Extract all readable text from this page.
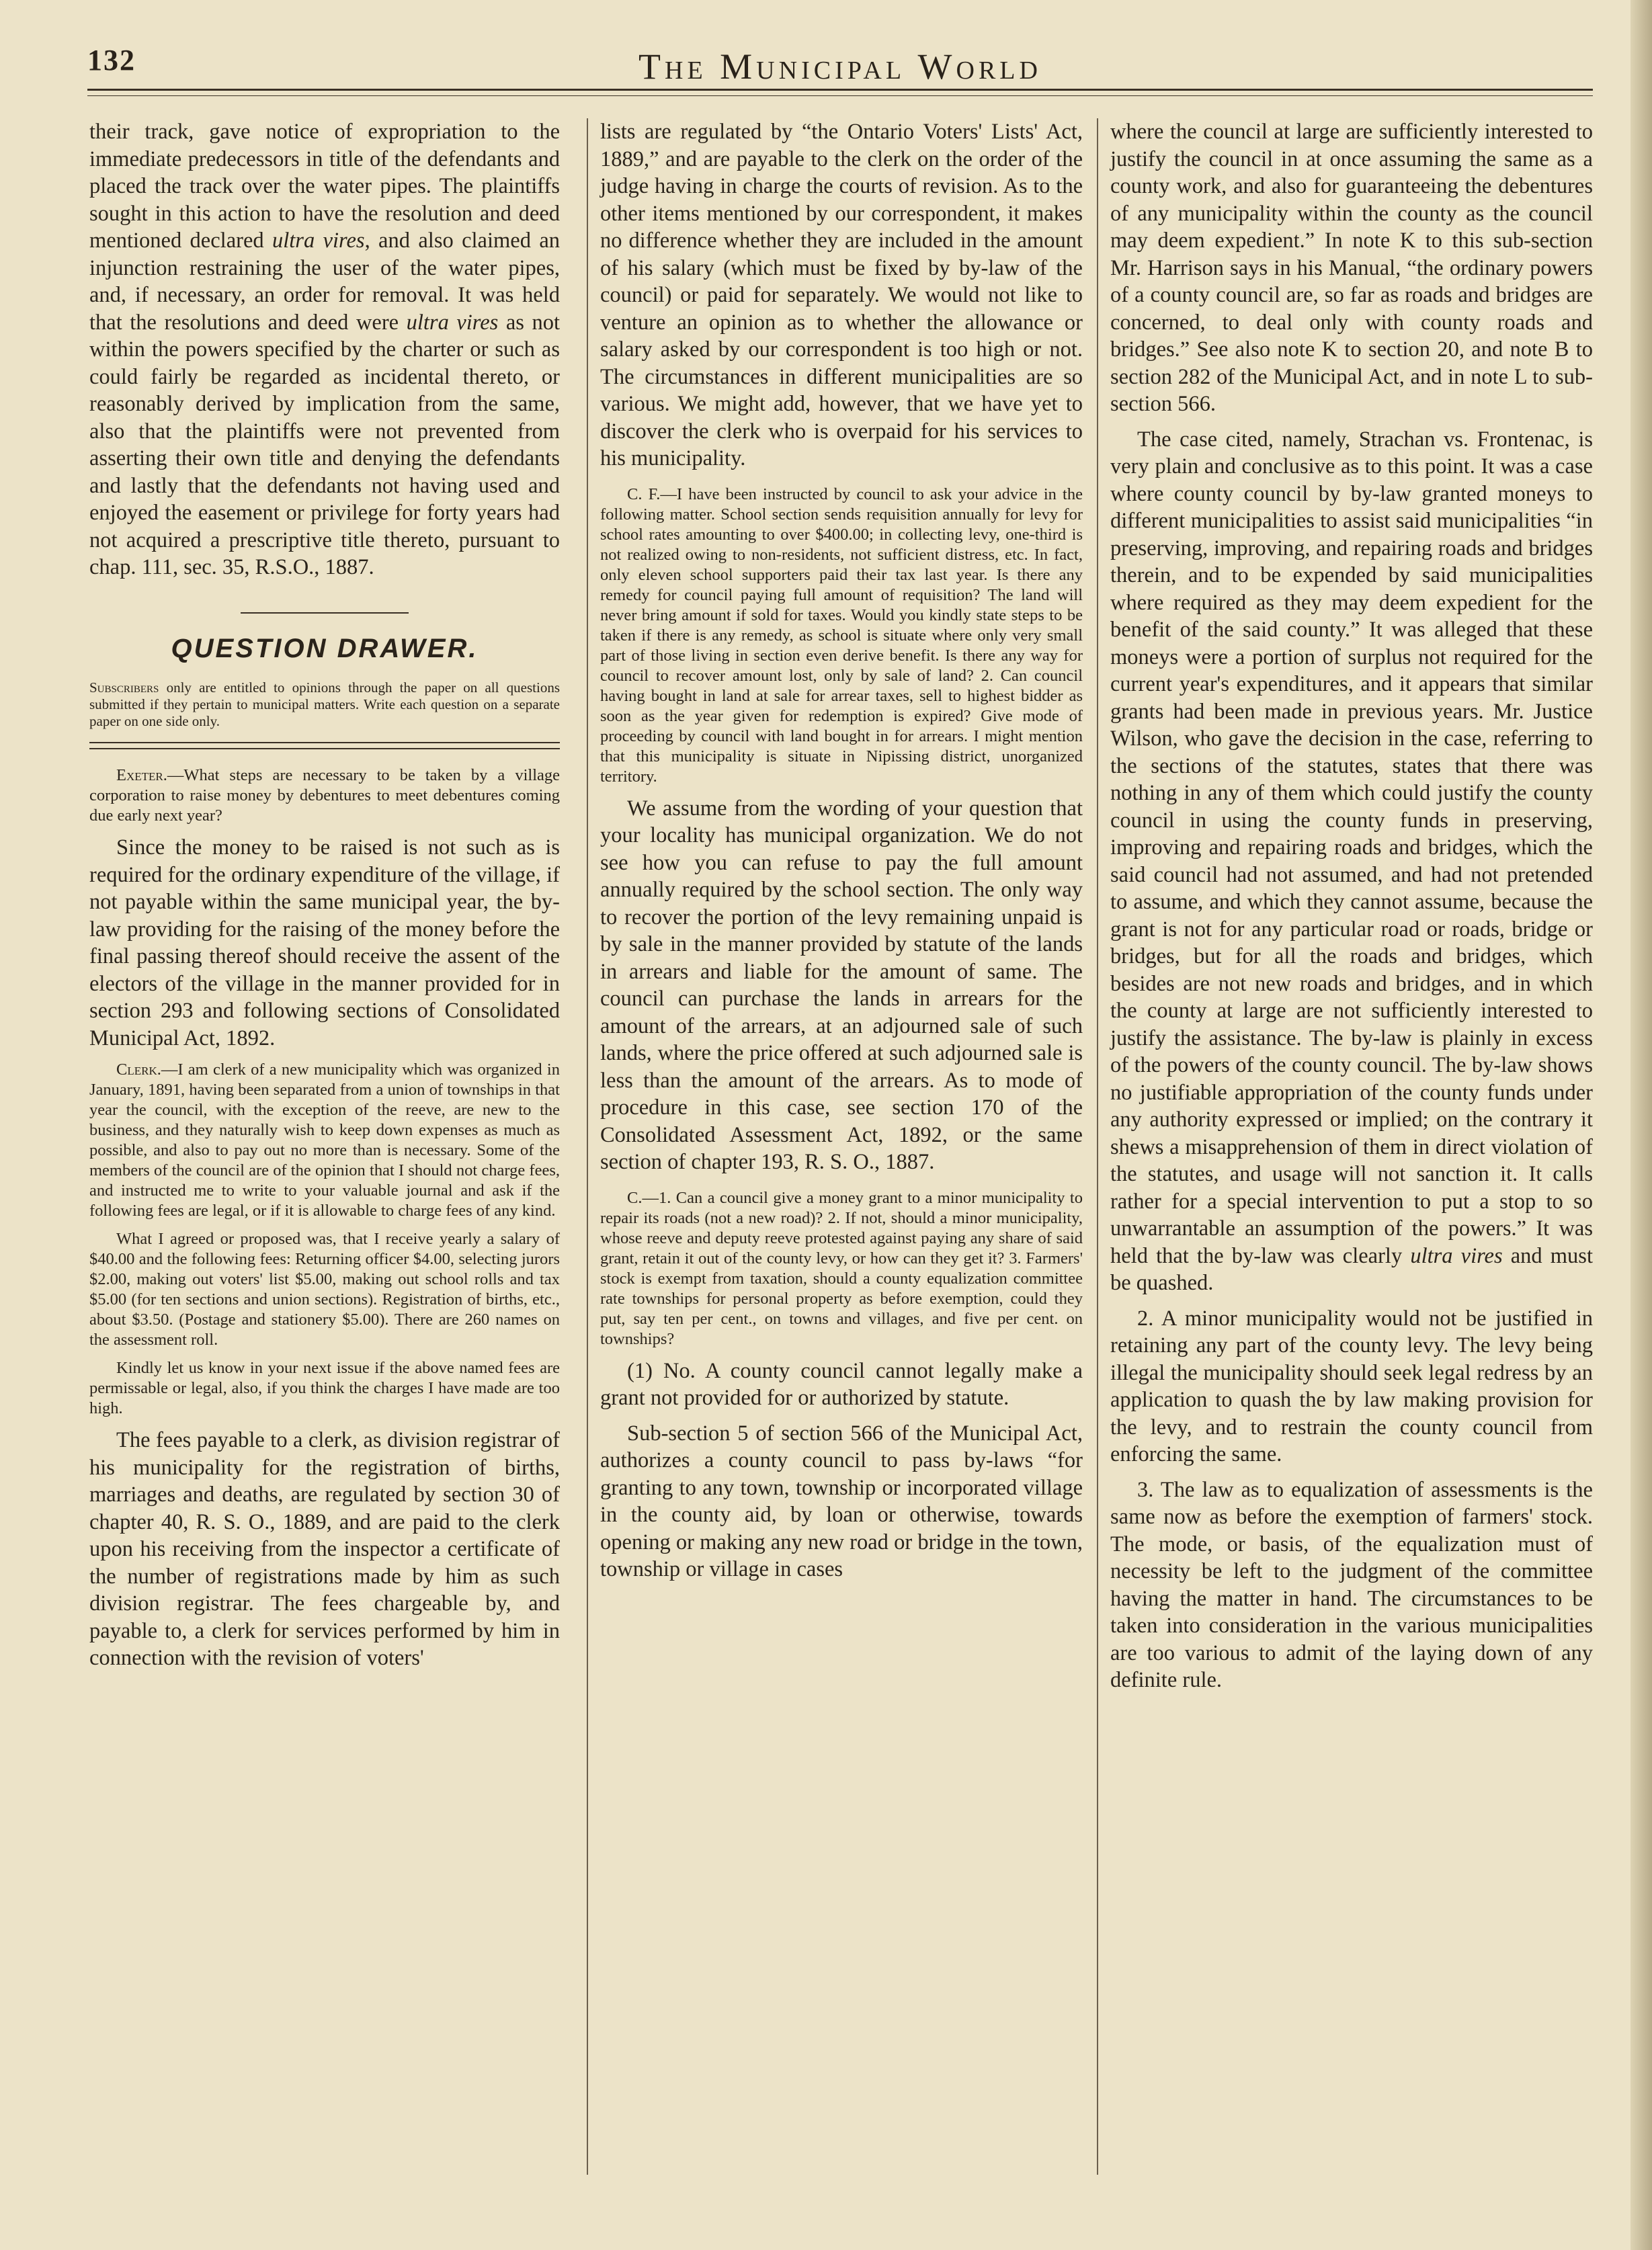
132	The Municipal World

their track, gave notice of expropriation to the immediate predecessors in title of the defendants and placed the track over the water pipes. The plaintiffs sought in this action to have the resolution and deed mentioned declared ultra vires, and also claimed an injunction restraining the user of the water pipes, and, if necessary, an order for removal. It was held that the resolutions and deed were ultra vires as not within the powers specified by the charter or such as could fairly be regarded as incidental thereto, or reasonably derived by implication from the same, also that the plaintiffs were not prevented from asserting their own title and denying the defendants and lastly that the defendants not having used and enjoyed the easement or privilege for forty years had not acquired a prescriptive title thereto, pursuant to chap. 111, sec. 35, R.S.O., 1887.

QUESTION DRAWER.

Subscribers only are entitled to opinions through the paper on all questions submitted if they pertain to municipal matters. Write each question on a separate paper on one side only.

Exeter.—What steps are necessary to be taken by a village corporation to raise money by debentures to meet debentures coming due early next year?

Since the money to be raised is not such as is required for the ordinary expenditure of the village, if not payable within the same municipal year, the by-law providing for the raising of the money before the final passing thereof should receive the assent of the electors of the village in the manner provided for in section 293 and following sections of Consolidated Municipal Act, 1892.

Clerk.—I am clerk of a new municipality which was organized in January, 1891, having been separated from a union of townships in that year the council, with the exception of the reeve, are new to the business, and they naturally wish to keep down expenses as much as possible, and also to pay out no more than is necessary. Some of the members of the council are of the opinion that I should not charge fees, and instructed me to write to your valuable journal and ask if the following fees are legal, or if it is allowable to charge fees of any kind.

What I agreed or proposed was, that I receive yearly a salary of $40.00 and the following fees: Returning officer $4.00, selecting jurors $2.00, making out voters' list $5.00, making out school rolls and tax $5.00 (for ten sections and union sections). Registration of births, etc., about $3.50. (Postage and stationery $5.00). There are 260 names on the assessment roll.

Kindly let us know in your next issue if the above named fees are permissable or legal, also, if you think the charges I have made are too high.

The fees payable to a clerk, as division registrar of his municipality for the registration of births, marriages and deaths, are regulated by section 30 of chapter 40, R. S. O., 1889, and are paid to the clerk upon his receiving from the inspector a certificate of the number of registrations made by him as such division registrar. The fees chargeable by, and payable to, a clerk for services performed by him in connection with the revision of voters'

lists are regulated by “the Ontario Voters' Lists' Act, 1889,” and are payable to the clerk on the order of the judge having in charge the courts of revision. As to the other items mentioned by our correspondent, it makes no difference whether they are included in the amount of his salary (which must be fixed by by-law of the council) or paid for separately. We would not like to venture an opinion as to whether the allowance or salary asked by our correspondent is too high or not. The circumstances in different municipalities are so various. We might add, however, that we have yet to discover the clerk who is overpaid for his services to his municipality.

C. F.—I have been instructed by council to ask your advice in the following matter. School section sends requisition annually for levy for school rates amounting to over $400.00; in collecting levy, one-third is not realized owing to non-residents, not sufficient distress, etc. In fact, only eleven school supporters paid their tax last year. Is there any remedy for council paying full amount of requisition? The land will never bring amount if sold for taxes. Would you kindly state steps to be taken if there is any remedy, as school is situate where only very small part of those living in section even derive benefit. Is there any way for council to recover amount lost, only by sale of land? 2. Can council having bought in land at sale for arrear taxes, sell to highest bidder as soon as the year given for redemption is expired? Give mode of proceeding by council with land bought in for arrears. I might mention that this municipality is situate in Nipissing district, unorganized territory.

We assume from the wording of your question that your locality has municipal organization. We do not see how you can refuse to pay the full amount annually required by the school section. The only way to recover the portion of the levy remaining unpaid is by sale in the manner provided by statute of the lands in arrears and liable for the amount of same. The council can purchase the lands in arrears for the amount of the arrears, at an adjourned sale of such lands, where the price offered at such adjourned sale is less than the amount of the arrears. As to mode of procedure in this case, see section 170 of the Consolidated Assessment Act, 1892, or the same section of chapter 193, R. S. O., 1887.

C.—1. Can a council give a money grant to a minor municipality to repair its roads (not a new road)? 2. If not, should a minor municipality, whose reeve and deputy reeve protested against paying any share of said grant, retain it out of the county levy, or how can they get it? 3. Farmers' stock is exempt from taxation, should a county equalization committee rate townships for personal property as before exemption, could they put, say ten per cent., on towns and villages, and five per cent. on townships?

(1) No. A county council cannot legally make a grant not provided for or authorized by statute.

Sub-section 5 of section 566 of the Municipal Act, authorizes a county council to pass by-laws “for granting to any town, township or incorporated village in the county aid, by loan or otherwise, towards opening or making any new road or bridge in the town, township or village in cases

where the council at large are sufficiently interested to justify the council in at once assuming the same as a county work, and also for guaranteeing the debentures of any municipality within the county as the council may deem expedient.” In note K to this sub-section Mr. Harrison says in his Manual, “the ordinary powers of a county council are, so far as roads and bridges are concerned, to deal only with county roads and bridges.” See also note K to section 20, and note B to section 282 of the Municipal Act, and in note L to sub-section 566.

The case cited, namely, Strachan vs. Frontenac, is very plain and conclusive as to this point. It was a case where county council by by-law granted moneys to different municipalities to assist said municipalities “in preserving, improving, and repairing roads and bridges therein, and to be expended by said municipalities where required as they may deem expedient for the benefit of the said county.” It was alleged that these moneys were a portion of surplus not required for the current year's expenditures, and it appears that similar grants had been made in previous years. Mr. Justice Wilson, who gave the decision in the case, referring to the sections of the statutes, states that there was nothing in any of them which could justify the county council in using the county funds in preserving, improving and repairing roads and bridges, which the said council had not assumed, and had not pretended to assume, and which they cannot assume, because the grant is not for any particular road or roads, bridge or bridges, but for all the roads and bridges, which besides are not new roads and bridges, and in which the county at large are not sufficiently interested to justify the assistance. The by-law is plainly in excess of the powers of the county council. The by-law shows no justifiable appropriation of the county funds under any authority expressed or implied; on the contrary it shews a misapprehension of them in direct violation of the statutes, and usage will not sanction it. It calls rather for a special intervention to put a stop to so unwarrantable an assumption of the powers.” It was held that the by-law was clearly ultra vires and must be quashed.

2. A minor municipality would not be justified in retaining any part of the county levy. The levy being illegal the municipality should seek legal redress by an application to quash the by law making provision for the levy, and to restrain the county council from enforcing the same.

3. The law as to equalization of assessments is the same now as before the exemption of farmers' stock. The mode, or basis, of the equalization must of necessity be left to the judgment of the committee having the matter in hand. The circumstances to be taken into consideration in the various municipalities are too various to admit of the laying down of any definite rule.
